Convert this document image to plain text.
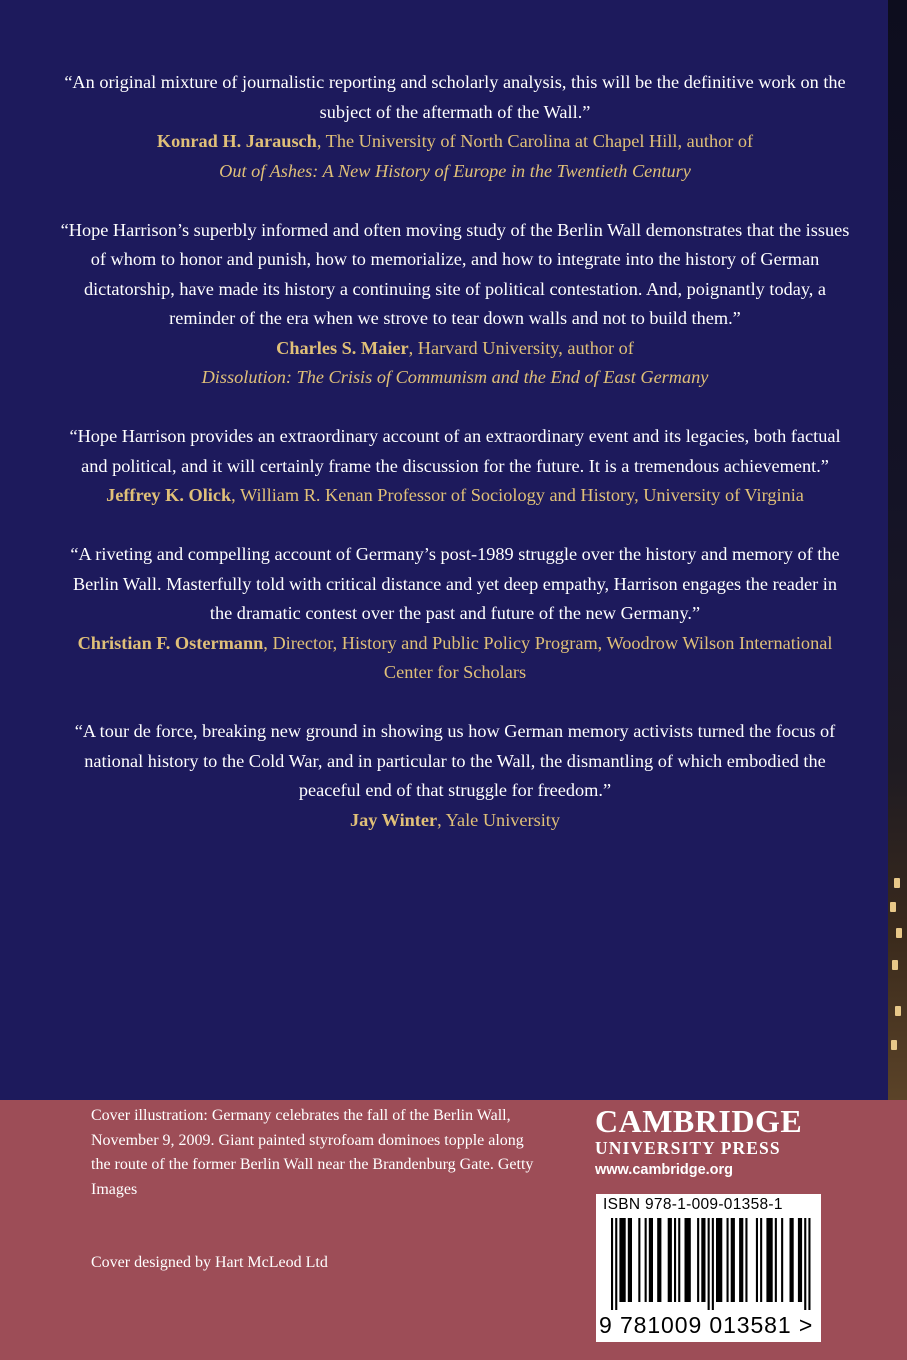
“An original mixture of journalistic reporting and scholarly analysis, this will be the definitive work on the subject of the aftermath of the Wall.”

Konrad H. Jarausch, The University of North Carolina at Chapel Hill, author of
Out of Ashes: A New History of Europe in the Twentieth Century

“Hope Harrison’s superbly informed and often moving study of the Berlin Wall demonstrates that the issues of whom to honor and punish, how to memorialize, and how to integrate into the history of German dictatorship, have made its history a continuing site of political contestation. And, poignantly today, a reminder of the era when we strove to tear down walls and not to build them.”

Charles S. Maier, Harvard University, author of
Dissolution: The Crisis of Communism and the End of East Germany

“Hope Harrison provides an extraordinary account of an extraordinary event and its legacies, both factual and political, and it will certainly frame the discussion for the future. It is a tremendous achievement.”

Jeffrey K. Olick, William R. Kenan Professor of Sociology and History, University of Virginia

“A riveting and compelling account of Germany’s post-1989 struggle over the history and memory of the Berlin Wall. Masterfully told with critical distance and yet deep empathy, Harrison engages the reader in the dramatic contest over the past and future of the new Germany.”

Christian F. Ostermann, Director, History and Public Policy Program, Woodrow Wilson International Center for Scholars

“A tour de force, breaking new ground in showing us how German memory activists turned the focus of national history to the Cold War, and in particular to the Wall, the dismantling of which embodied the peaceful end of that struggle for freedom.”

Jay Winter, Yale University

Cover illustration: Germany celebrates the fall of the Berlin Wall, November 9, 2009. Giant painted styrofoam dominoes topple along the route of the former Berlin Wall near the Brandenburg Gate. Getty Images
Cover designed by Hart McLeod Ltd
CAMBRIDGE
UNIVERSITY PRESS
www.cambridge.org
ISBN 978-1-009-01358-1
9 781009 013581 >
